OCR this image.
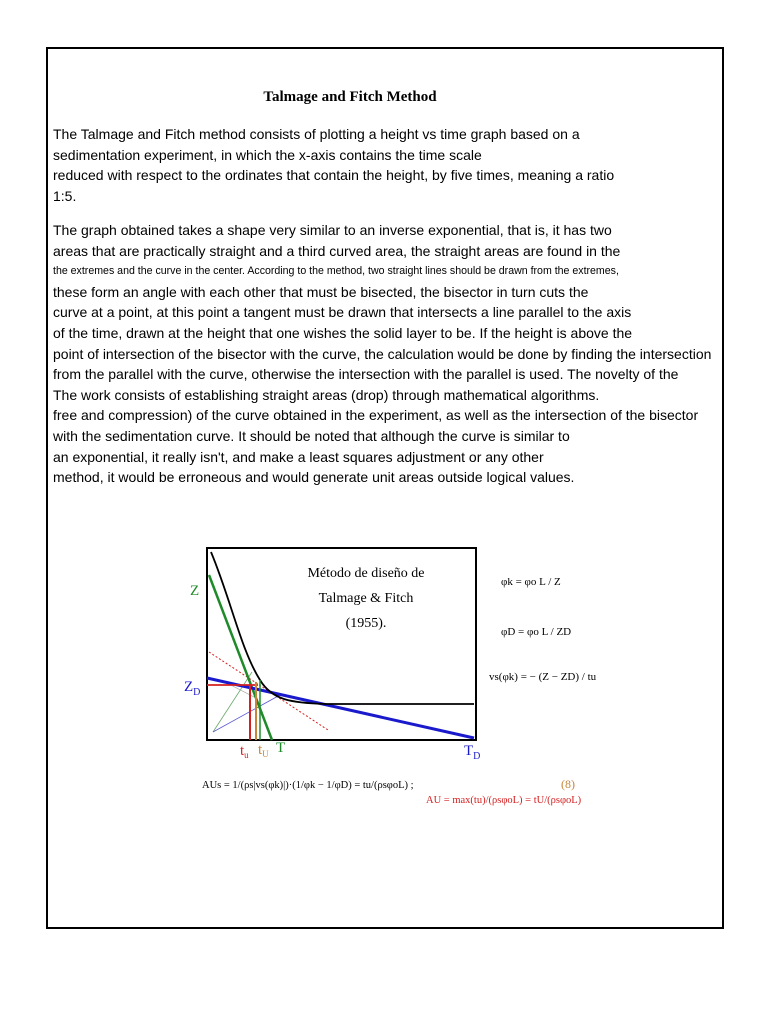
Talmage and Fitch Method
The Talmage and Fitch method consists of plotting a height vs time graph based on a
sedimentation experiment, in which the x-axis contains the time scale
reduced with respect to the ordinates that contain the height, by five times, meaning a ratio
1:5.
The graph obtained takes a shape very similar to an inverse exponential, that is, it has two
areas that are practically straight and a third curved area, the straight areas are found in the
the extremes and the curve in the center. According to the method, two straight lines should be drawn from the extremes,
these form an angle with each other that must be bisected, the bisector in turn cuts the
curve at a point, at this point a tangent must be drawn that intersects a line parallel to the axis
of the time, drawn at the height that one wishes the solid layer to be. If the height is above the
point of intersection of the bisector with the curve, the calculation would be done by finding the intersection
from the parallel with the curve, otherwise the intersection with the parallel is used. The novelty of the
The work consists of establishing straight areas (drop) through mathematical algorithms.
free and compression) of the curve obtained in the experiment, as well as the intersection of the bisector
with the sedimentation curve. It should be noted that although the curve is similar to
an exponential, it really isn't, and make a least squares adjustment or any other
method, it would be erroneous and would generate unit areas outside logical values.
Z
$Z_D$
$t_u$ $t_U$ T	$T_D$
Método de diseño de
Talmage & Fitch
(1955).
φk = φo L / Z
φD = φo L / ZD
vs(φk) = − (Z − ZD) / tu
AUs = 1/(ρs|vs(φk)|)·(1/φk − 1/φD) = tu/(ρsφoL) ;
AU = max(tu)/(ρsφoL) = tU/(ρsφoL)
(8)
